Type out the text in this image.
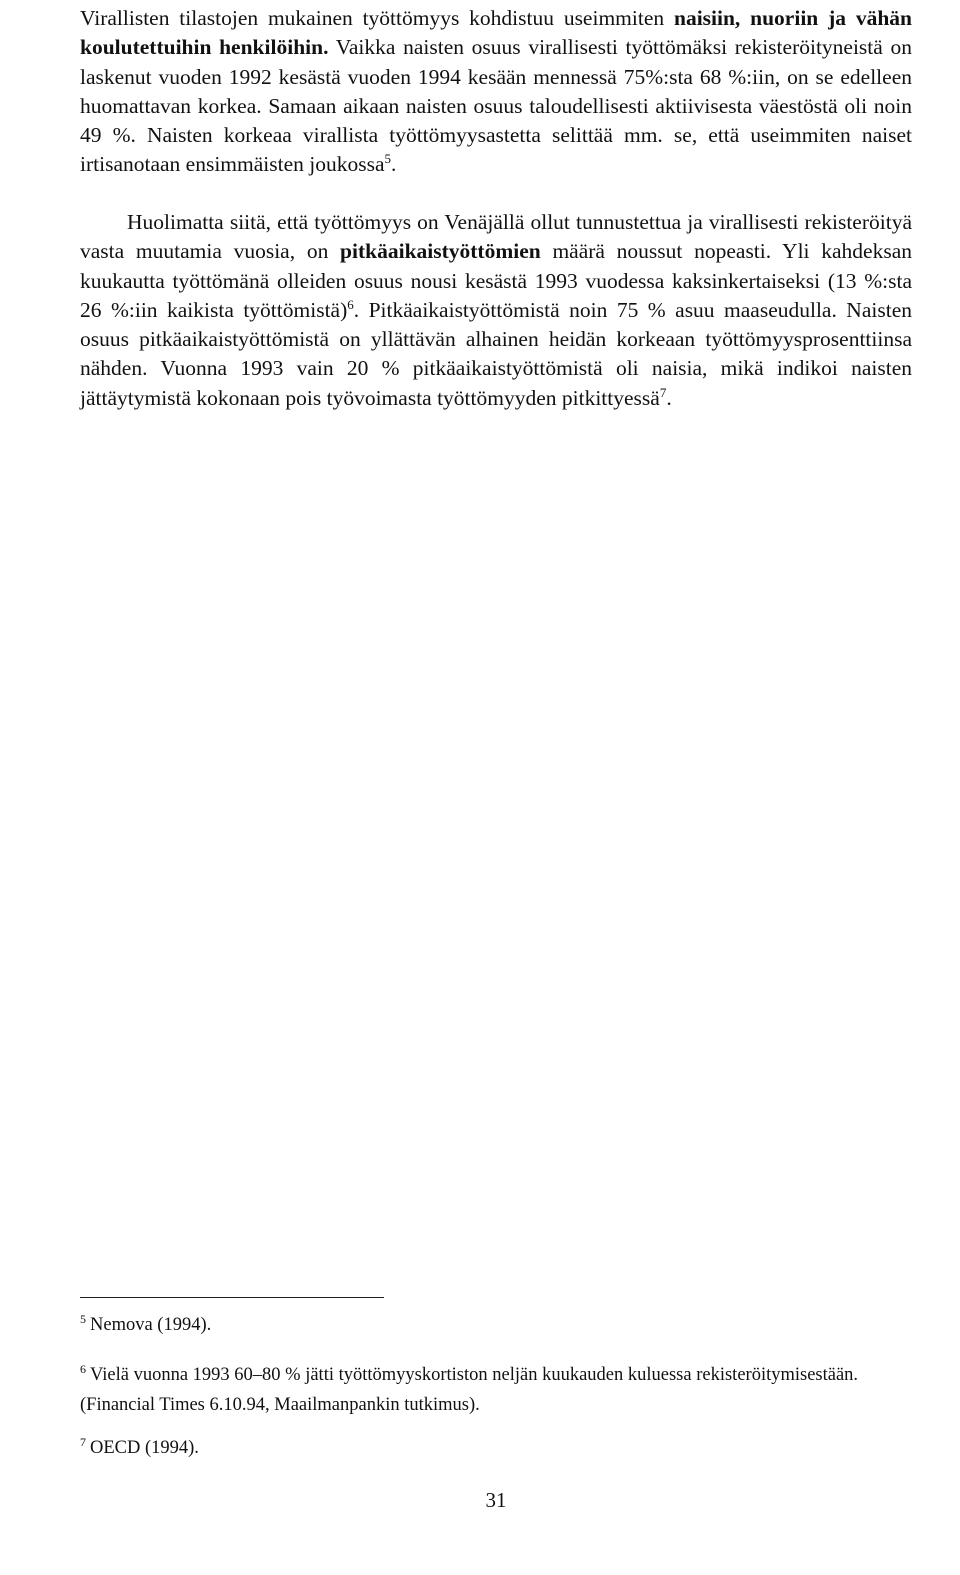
Virallisten tilastojen mukainen työttömyys kohdistuu useimmiten naisiin, nuoriin ja vähän koulutettuihin henkilöihin. Vaikka naisten osuus virallisesti työttömäksi rekisteröityneistä on laskenut vuoden 1992 kesästä vuoden 1994 kesään mennessä 75%:sta 68 %:iin, on se edelleen huomattavan korkea. Samaan aikaan naisten osuus taloudellisesti aktiivisesta väestöstä oli noin 49 %. Naisten korkeaa virallista työttömyysastetta selittää mm. se, että useimmiten naiset irtisanotaan ensimmäisten joukossa$^5$.

Huolimatta siitä, että työttömyys on Venäjällä ollut tunnustettua ja virallisesti rekisteröityä vasta muutamia vuosia, on pitkäaikaistyöttömien määrä noussut nopeasti. Yli kahdeksan kuukautta työttömänä olleiden osuus nousi kesästä 1993 vuodessa kaksinkertaiseksi (13 %:sta 26 %:iin kaikista työttömistä)$^6$. Pitkäaikaistyöttömistä noin 75 % asuu maaseudulla. Naisten osuus pitkäaikaistyöttömistä on yllättävän alhainen heidän korkeaan työttömyysprosenttiinsa nähden. Vuonna 1993 vain 20 % pitkäaikaistyöttömistä oli naisia, mikä indikoi naisten jättäytymistä kokonaan pois työvoimasta työttömyyden pitkittyessä$^7$.

$^5$ Nemova (1994).

$^6$ Vielä vuonna 1993 60–80 % jätti työttömyyskortiston neljän kuukauden kuluessa rekisteröitymisestään. (Financial Times 6.10.94, Maailmanpankin tutkimus).

$^7$ OECD (1994).

31
